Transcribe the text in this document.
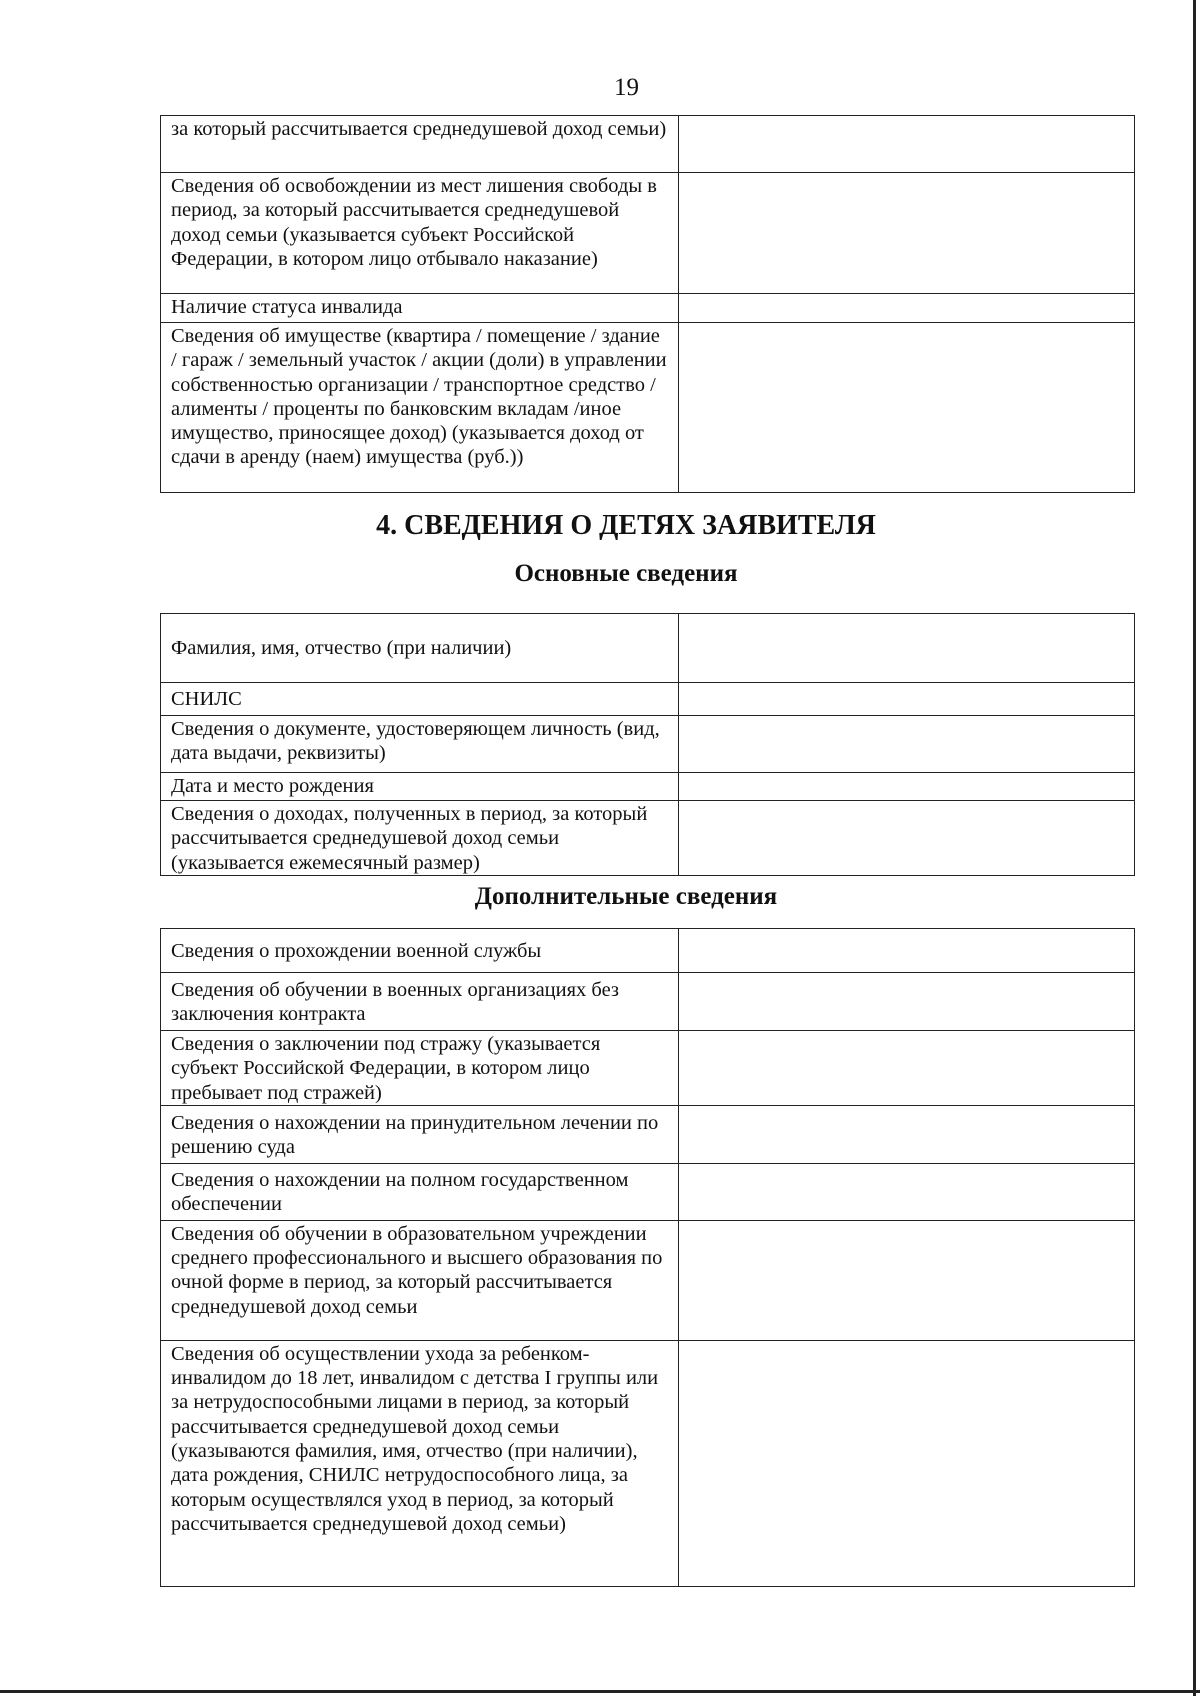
19
за который рассчитывается среднедушевой доход семьи)	
Сведения об освобождении из мест лишения свободы в период, за который рассчитывается среднедушевой доход семьи (указывается субъект Российской Федерации, в котором лицо отбывало наказание)	
Наличие статуса инвалида	
Сведения об имуществе (квартира / помещение / здание / гараж / земельный участок / акции (доли) в управлении собственностью организации / транспортное средство / алименты / проценты по банковским вкладам /иное имущество, приносящее доход) (указывается доход от сдачи в аренду (наем) имущества (руб.))	
4. СВЕДЕНИЯ О ДЕТЯХ ЗАЯВИТЕЛЯ
Основные сведения
Фамилия, имя, отчество (при наличии)	
СНИЛС	
Сведения о документе, удостоверяющем личность (вид, дата выдачи, реквизиты)	
Дата и место рождения	
Сведения о доходах, полученных в период, за который рассчитывается среднедушевой доход семьи (указывается ежемесячный размер)	
Дополнительные сведения
Сведения о прохождении военной службы	
Сведения об обучении в военных организациях без заключения контракта	
Сведения о заключении под стражу (указывается субъект Российской Федерации, в котором лицо пребывает под стражей)	
Сведения о нахождении на принудительном лечении по решению суда	
Сведения о нахождении на полном государственном обеспечении	
Сведения об обучении в образовательном учреждении среднего профессионального и высшего образования по очной форме в период, за который рассчитывается среднедушевой доход семьи	
Сведения об осуществлении ухода за ребенком-инвалидом до 18 лет, инвалидом с детства I группы или за нетрудоспособными лицами в период, за который рассчитывается среднедушевой доход семьи (указываются фамилия, имя, отчество (при наличии), дата рождения, СНИЛС нетрудоспособного лица, за которым осуществлялся уход в период, за который рассчитывается среднедушевой доход семьи)	
